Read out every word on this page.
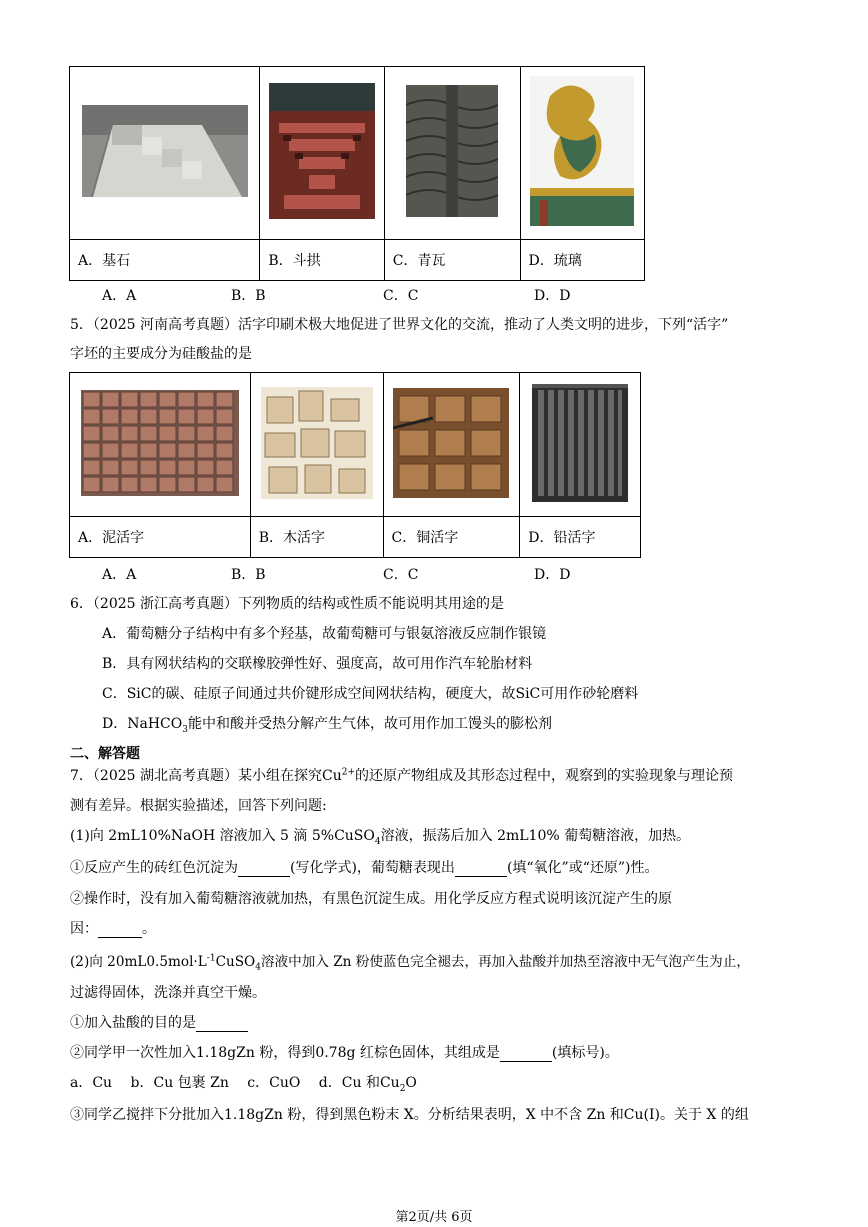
A．基石	B．斗拱	C．青瓦	D．琉璃
A．A	B．B	C．C	D．D
5．（2025 河南高考真题）活字印刷术极大地促进了世界文化的交流，推动了人类文明的进步，下列“活字”
字坯的主要成分为硅酸盐的是

A．泥活字	B．木活字	C．铜活字	D．铅活字
A．A	B．B	C．C	D．D
6．（2025 浙江高考真题）下列物质的结构或性质不能说明其用途的是
A．葡萄糖分子结构中有多个羟基，故葡萄糖可与银氨溶液反应制作银镜
B．具有网状结构的交联橡胶弹性好、强度高，故可用作汽车轮胎材料
C．SiC的碳、硅原子间通过共价键形成空间网状结构，硬度大，故SiC可用作砂轮磨料
D．NaHCO$_3$能中和酸并受热分解产生气体，故可用作加工馒头的膨松剂
二、解答题
7．（2025 湖北高考真题）某小组在探究$Cu^{2+}$的还原产物组成及其形态过程中，观察到的实验现象与理论预
测有差异。根据实验描述，回答下列问题:
(1)向 2mL10%NaOH 溶液加入 5 滴 5%CuSO$_4$溶液，振荡后加入 2mL10% 葡萄糖溶液，加热。
①反应产生的砖红色沉淀为	(写化学式)，葡萄糖表现出	(填“氧化”或“还原”)性。
②操作时，没有加入葡萄糖溶液就加热，有黑色沉淀生成。用化学反应方程式说明该沉淀产生的原
因：	。
(2)向 $20mL0.5mol\cdot L^{-1}CuSO_4$溶液中加入 Zn 粉使蓝色完全褪去，再加入盐酸并加热至溶液中无气泡产生为止，
过滤得固体，洗涤并真空干燥。
①加入盐酸的目的是
②同学甲一次性加入1.18gZn 粉，得到0.78g 红棕色固体，其组成是	(填标号)。
a．Cu　 b．Cu 包裹 Zn　 c．CuO　 d．Cu 和$Cu_2O$
③同学乙搅拌下分批加入1.18gZn 粉，得到黑色粉末 X。分析结果表明，X 中不含 Zn 和Cu(I)。关于 X 的组
第2页/共 6页
